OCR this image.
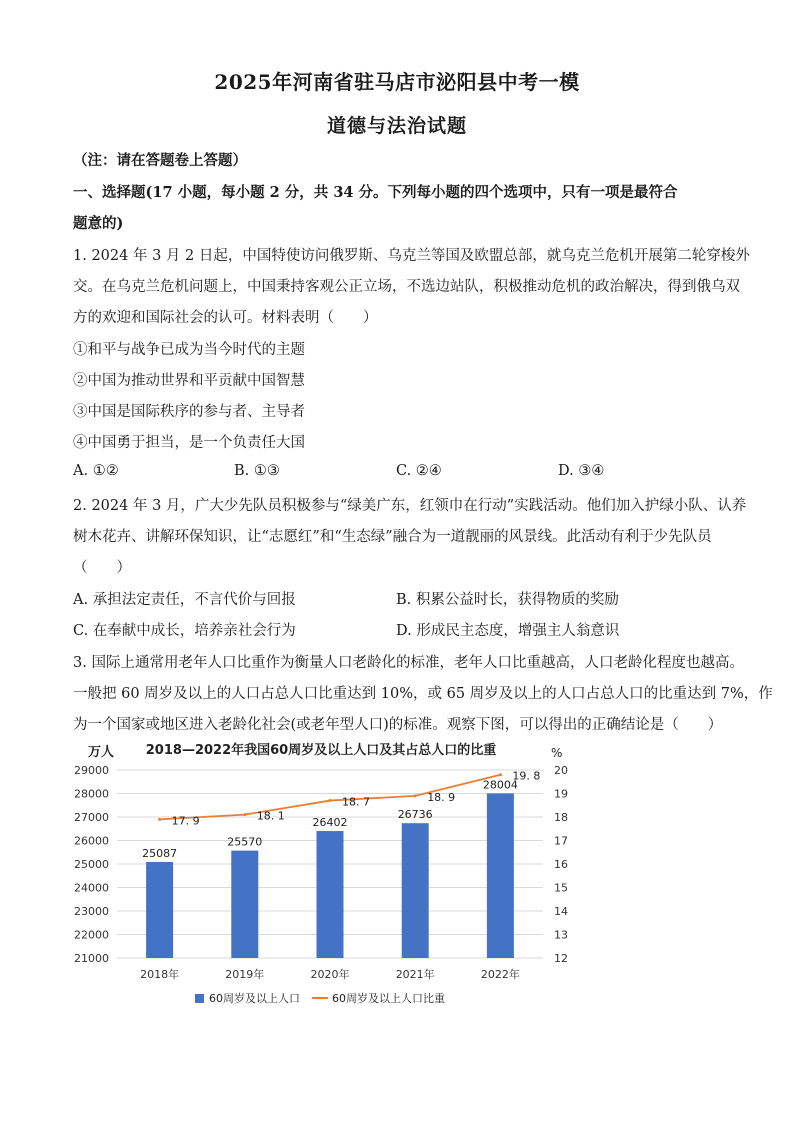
2025年河南省驻马店市泌阳县中考一模
道德与法治试题
（注：请在答题卷上答题）
一、选择题(17 小题，每小题 2 分，共 34 分。下列每小题的四个选项中，只有一项是最符合
题意的)
1. 2024 年 3 月 2 日起，中国特使访问俄罗斯、乌克兰等国及欧盟总部，就乌克兰危机开展第二轮穿梭外
交。在乌克兰危机问题上，中国秉持客观公正立场，不选边站队，积极推动危机的政治解决，得到俄乌双
方的欢迎和国际社会的认可。材料表明（　　）
①和平与战争已成为当今时代的主题
②中国为推动世界和平贡献中国智慧
③中国是国际秩序的参与者、主导者
④中国勇于担当，是一个负责任大国
A. ①②	B. ①③	C. ②④	D. ③④
2. 2024 年 3 月，广大少先队员积极参与“绿美广东，红领巾在行动”实践活动。他们加入护绿小队、认养
树木花卉、讲解环保知识，让“志愿红”和“生态绿”融合为一道靓丽的风景线。此活动有利于少先队员
（　　）
A. 承担法定责任，不言代价与回报	B. 积累公益时长，获得物质的奖励
C. 在奉献中成长，培养亲社会行为	D. 形成民主态度，增强主人翁意识
3. 国际上通常用老年人口比重作为衡量人口老龄化的标准，老年人口比重越高，人口老龄化程度也越高。
一般把 60 周岁及以上的人口占总人口比重达到 10%，或 65 周岁及以上的人口占总人口的比重达到 7%，作
为一个国家或地区进入老龄化社会(或老年型人口)的标准。观察下图，可以得出的正确结论是（　　）
万人 2018—2022年我国60周岁及以上人口及其占总人口的比重	%
25087
25570
26402
26736
28004
17. 9	18. 1
18. 7	18. 9
19. 8
21000
22000
23000
24000
25000
26000
27000
28000
29000
12
13
14
15
16
17
18
19
20
2018年	2019年	2020年	2021年	2022年
60周岁及以上人口	60周岁及以上人口比重
